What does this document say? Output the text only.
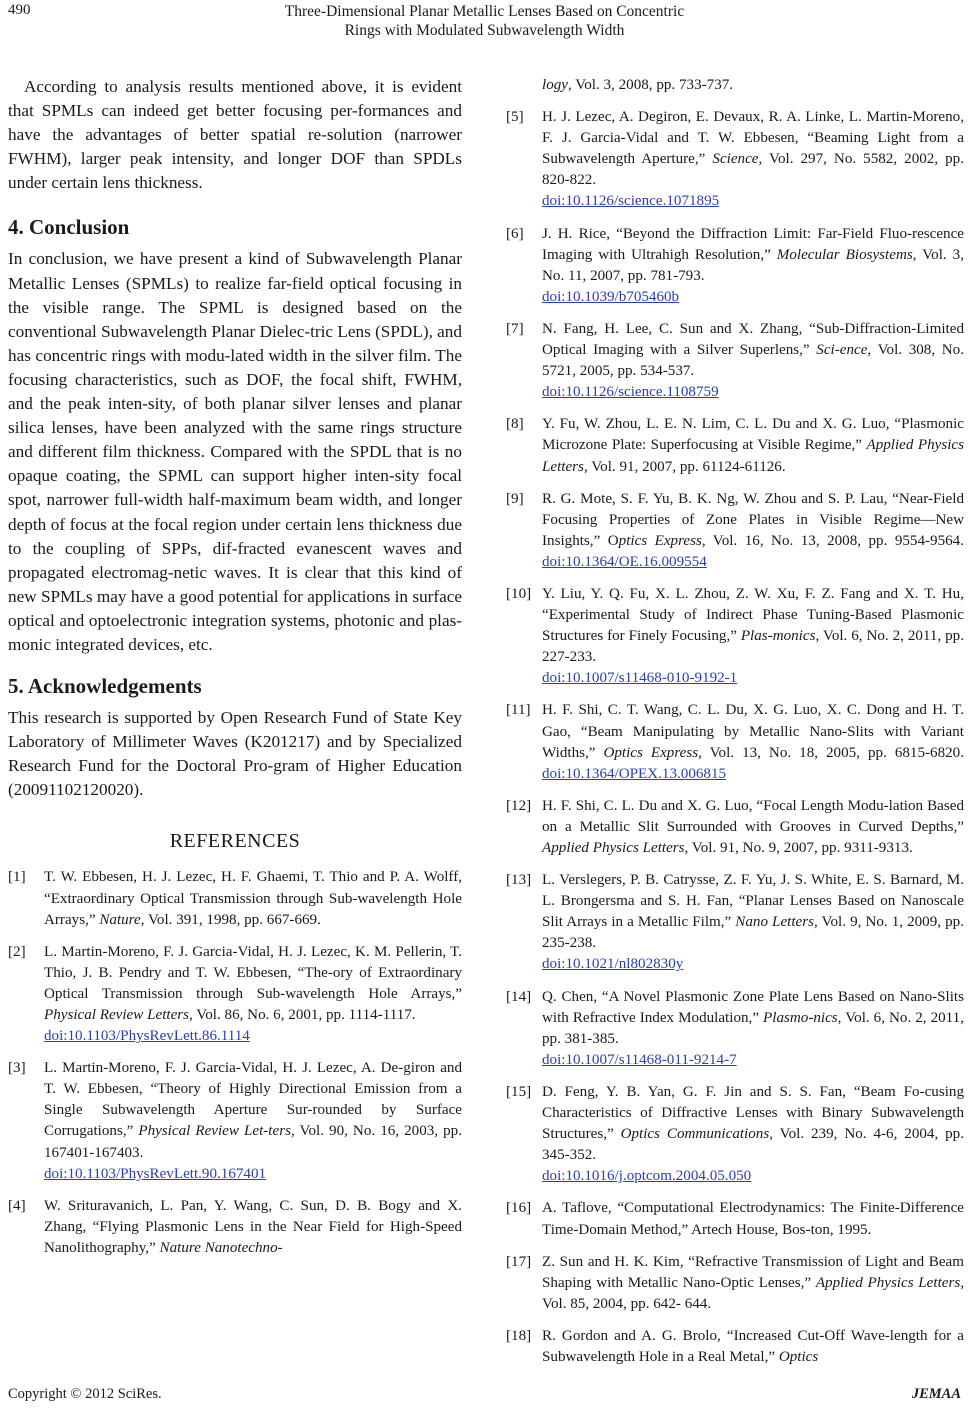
490	Three-Dimensional Planar Metallic Lenses Based on Concentric
Rings with Modulated Subwavelength Width

According to analysis results mentioned above, it is evident that SPMLs can indeed get better focusing per-formances and have the advantages of better spatial re-solution (narrower FWHM), larger peak intensity, and longer DOF than SPDLs under certain lens thickness.

4. Conclusion

In conclusion, we have present a kind of Subwavelength Planar Metallic Lenses (SPMLs) to realize far-field optical focusing in the visible range. The SPML is designed based on the conventional Subwavelength Planar Dielec-tric Lens (SPDL), and has concentric rings with modu-lated width in the silver film. The focusing characteristics, such as DOF, the focal shift, FWHM, and the peak inten-sity, of both planar silver lenses and planar silica lenses, have been analyzed with the same rings structure and different film thickness. Compared with the SPDL that is no opaque coating, the SPML can support higher inten-sity focal spot, narrower full-width half-maximum beam width, and longer depth of focus at the focal region under certain lens thickness due to the coupling of SPPs, dif-fracted evanescent waves and propagated electromag-netic waves. It is clear that this kind of new SPMLs may have a good potential for applications in surface optical and optoelectronic integration systems, photonic and plas-monic integrated devices, etc.

5. Acknowledgements

This research is supported by Open Research Fund of State Key Laboratory of Millimeter Waves (K201217) and by Specialized Research Fund for the Doctoral Pro-gram of Higher Education (20091102120020).

REFERENCES
[1] T. W. Ebbesen, H. J. Lezec, H. F. Ghaemi, T. Thio and P. A. Wolff, “Extraordinary Optical Transmission through Sub-wavelength Hole Arrays,” Nature, Vol. 391, 1998, pp. 667-669.
[2] L. Martin-Moreno, F. J. Garcia-Vidal, H. J. Lezec, K. M. Pellerin, T. Thio, J. B. Pendry and T. W. Ebbesen, “The-ory of Extraordinary Optical Transmission through Sub-wavelength Hole Arrays,” Physical Review Letters, Vol. 86, No. 6, 2001, pp. 1114-1117.
doi:10.1103/PhysRevLett.86.1114
[3] L. Martin-Moreno, F. J. Garcia-Vidal, H. J. Lezec, A. De-giron and T. W. Ebbesen, “Theory of Highly Directional Emission from a Single Subwavelength Aperture Sur-rounded by Surface Corrugations,” Physical Review Let-ters, Vol. 90, No. 16, 2003, pp. 167401-167403.
doi:10.1103/PhysRevLett.90.167401
[4] W. Srituravanich, L. Pan, Y. Wang, C. Sun, D. B. Bogy and X. Zhang, “Flying Plasmonic Lens in the Near Field for High-Speed Nanolithography,” Nature Nanotechno-
logy, Vol. 3, 2008, pp. 733-737.
[5] H. J. Lezec, A. Degiron, E. Devaux, R. A. Linke, L. Martin-Moreno, F. J. Garcia-Vidal and T. W. Ebbesen, “Beaming Light from a Subwavelength Aperture,” Science, Vol. 297, No. 5582, 2002, pp. 820-822.
doi:10.1126/science.1071895
[6] J. H. Rice, “Beyond the Diffraction Limit: Far-Field Fluo-rescence Imaging with Ultrahigh Resolution,” Molecular Biosystems, Vol. 3, No. 11, 2007, pp. 781-793.
doi:10.1039/b705460b
[7] N. Fang, H. Lee, C. Sun and X. Zhang, “Sub-Diffraction-Limited Optical Imaging with a Silver Superlens,” Sci-ence, Vol. 308, No. 5721, 2005, pp. 534-537.
doi:10.1126/science.1108759
[8] Y. Fu, W. Zhou, L. E. N. Lim, C. L. Du and X. G. Luo, “Plasmonic Microzone Plate: Superfocusing at Visible Regime,” Applied Physics Letters, Vol. 91, 2007, pp. 61124-61126.
[9] R. G. Mote, S. F. Yu, B. K. Ng, W. Zhou and S. P. Lau, “Near-Field Focusing Properties of Zone Plates in Visible Regime—New Insights,” Optics Express, Vol. 16, No. 13, 2008, pp. 9554-9564. doi:10.1364/OE.16.009554
[10] Y. Liu, Y. Q. Fu, X. L. Zhou, Z. W. Xu, F. Z. Fang and X. T. Hu, “Experimental Study of Indirect Phase Tuning-Based Plasmonic Structures for Finely Focusing,” Plas-monics, Vol. 6, No. 2, 2011, pp. 227-233.
doi:10.1007/s11468-010-9192-1
[11] H. F. Shi, C. T. Wang, C. L. Du, X. G. Luo, X. C. Dong and H. T. Gao, “Beam Manipulating by Metallic Nano-Slits with Variant Widths,” Optics Express, Vol. 13, No. 18, 2005, pp. 6815-6820. doi:10.1364/OPEX.13.006815
[12] H. F. Shi, C. L. Du and X. G. Luo, “Focal Length Modu-lation Based on a Metallic Slit Surrounded with Grooves in Curved Depths,” Applied Physics Letters, Vol. 91, No. 9, 2007, pp. 9311-9313.
[13] L. Verslegers, P. B. Catrysse, Z. F. Yu, J. S. White, E. S. Barnard, M. L. Brongersma and S. H. Fan, “Planar Lenses Based on Nanoscale Slit Arrays in a Metallic Film,” Nano Letters, Vol. 9, No. 1, 2009, pp. 235-238.
doi:10.1021/nl802830y
[14] Q. Chen, “A Novel Plasmonic Zone Plate Lens Based on Nano-Slits with Refractive Index Modulation,” Plasmo-nics, Vol. 6, No. 2, 2011, pp. 381-385.
doi:10.1007/s11468-011-9214-7
[15] D. Feng, Y. B. Yan, G. F. Jin and S. S. Fan, “Beam Fo-cusing Characteristics of Diffractive Lenses with Binary Subwavelength Structures,” Optics Communications, Vol. 239, No. 4-6, 2004, pp. 345-352.
doi:10.1016/j.optcom.2004.05.050
[16] A. Taflove, “Computational Electrodynamics: The Finite-Difference Time-Domain Method,” Artech House, Bos-ton, 1995.
[17] Z. Sun and H. K. Kim, “Refractive Transmission of Light and Beam Shaping with Metallic Nano-Optic Lenses,” Applied Physics Letters, Vol. 85, 2004, pp. 642- 644.
[18] R. Gordon and A. G. Brolo, “Increased Cut-Off Wave-length for a Subwavelength Hole in a Real Metal,” Optics
Copyright © 2012 SciRes.	JEMAA
